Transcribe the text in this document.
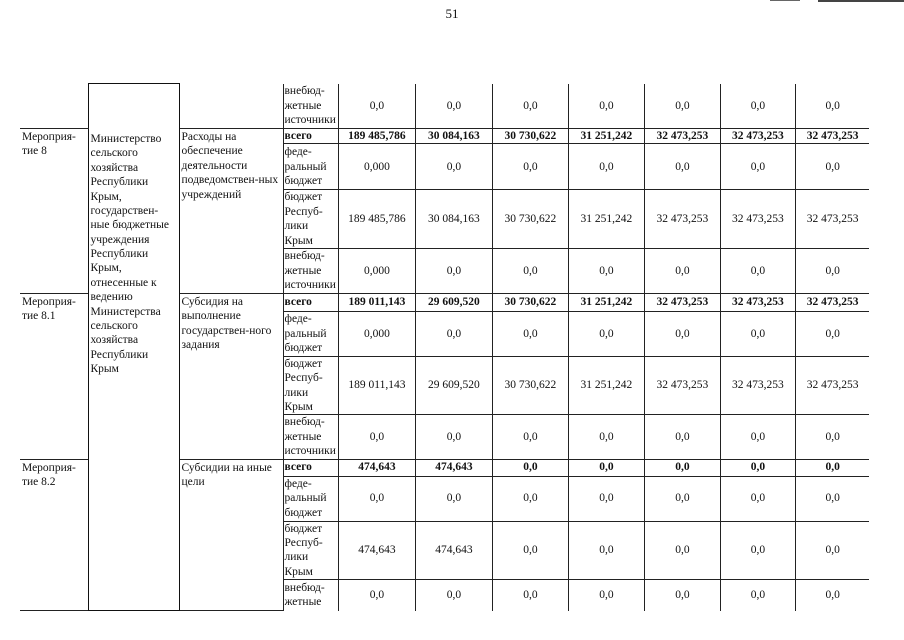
51

	Министерство сельского хозяйства Республики Крым, государствен-ные бюджетные учреждения Республики Крым, отнесенные к ведению Министерства сельского хозяйства Республики Крым		внебюд-жетные источники	0,0	0,0	0,0	0,0	0,0	0,0	0,0
Мероприя-тие 8		Расходы на обеспечение деятельности подведомствен-ных учреждений	всего	189 485,786	30 084,163	30 730,622	31 251,242	32 473,253	32 473,253	32 473,253
			феде-ральный бюджет	0,000	0,0	0,0	0,0	0,0	0,0	0,0
			бюджет Респуб-лики Крым	189 485,786	30 084,163	30 730,622	31 251,242	32 473,253	32 473,253	32 473,253
			внебюд-жетные источники	0,000	0,0	0,0	0,0	0,0	0,0	0,0
Мероприя-тие 8.1		Субсидия на выполнение государствен-ного задания	всего	189 011,143	29 609,520	30 730,622	31 251,242	32 473,253	32 473,253	32 473,253
			феде-ральный бюджет	0,000	0,0	0,0	0,0	0,0	0,0	0,0
			бюджет Респуб-лики Крым	189 011,143	29 609,520	30 730,622	31 251,242	32 473,253	32 473,253	32 473,253
			внебюд-жетные источники	0,0	0,0	0,0	0,0	0,0	0,0	0,0
Мероприя-тие 8.2		Субсидии на иные цели	всего	474,643	474,643	0,0	0,0	0,0	0,0	0,0
			феде-ральный бюджет	0,0	0,0	0,0	0,0	0,0	0,0	0,0
			бюджет Респуб-лики Крым	474,643	474,643	0,0	0,0	0,0	0,0	0,0
			внебюд-жетные	0,0	0,0	0,0	0,0	0,0	0,0	0,0
